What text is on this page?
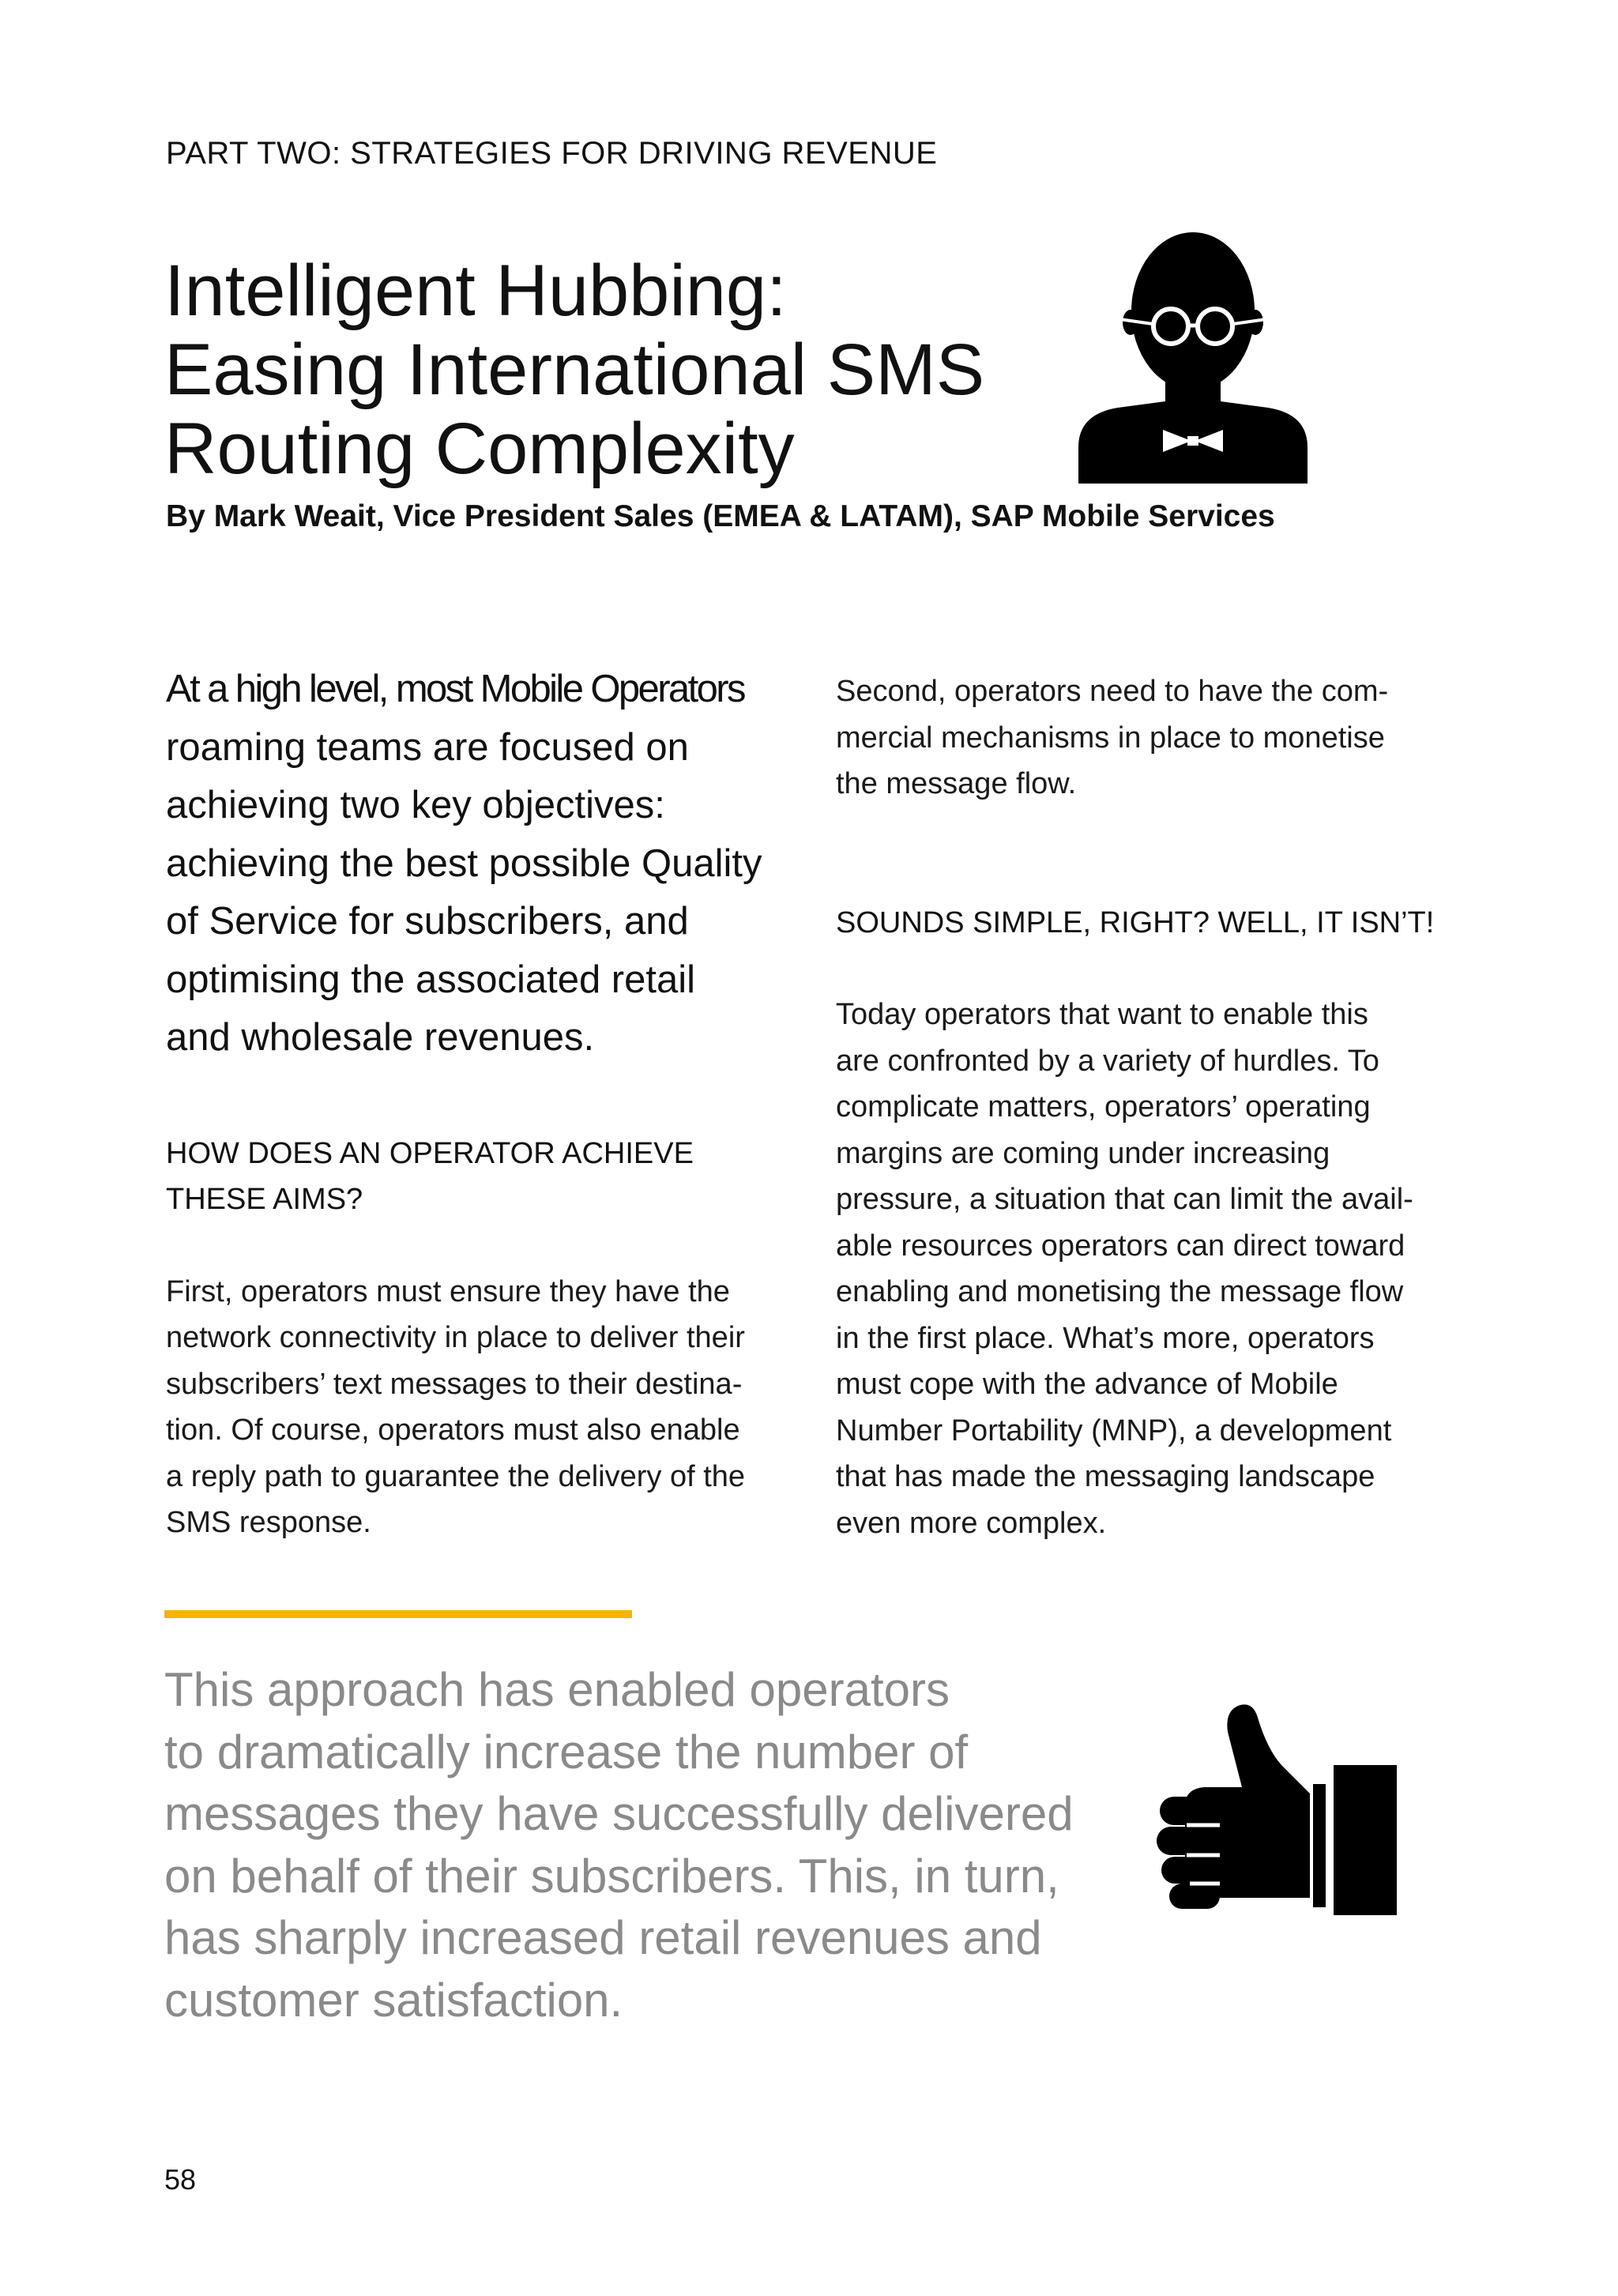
PART TWO: STRATEGIES FOR DRIVING REVENUE
Intelligent Hubbing:
Easing International SMS
Routing Complexity
By Mark Weait, Vice President Sales (EMEA & LATAM), SAP Mobile Services

At a high level, most Mobile Operators
roaming teams are focused on
achieving two key objectives:
achieving the best possible Quality
of Service for subscribers, and
optimising the associated retail
and wholesale revenues.

HOW DOES AN OPERATOR ACHIEVE
THESE AIMS?

First, operators must ensure they have the
network connectivity in place to deliver their
subscribers’ text messages to their destina-
tion. Of course, operators must also enable
a reply path to guarantee the delivery of the
SMS response.

Second, operators need to have the com-
mercial mechanisms in place to monetise
the message flow.

SOUNDS SIMPLE, RIGHT? WELL, IT ISN’T!

Today operators that want to enable this
are confronted by a variety of hurdles. To
complicate matters, operators’ operating
margins are coming under increasing
pressure, a situation that can limit the avail-
able resources operators can direct toward
enabling and monetising the message flow
in the first place. What’s more, operators
must cope with the advance of Mobile
Number Portability (MNP), a development
that has made the messaging landscape
even more complex.

This approach has enabled operators
to dramatically increase the number of
messages they have successfully delivered
on behalf of their subscribers. This, in turn,
has sharply increased retail revenues and
customer satisfaction.
58
